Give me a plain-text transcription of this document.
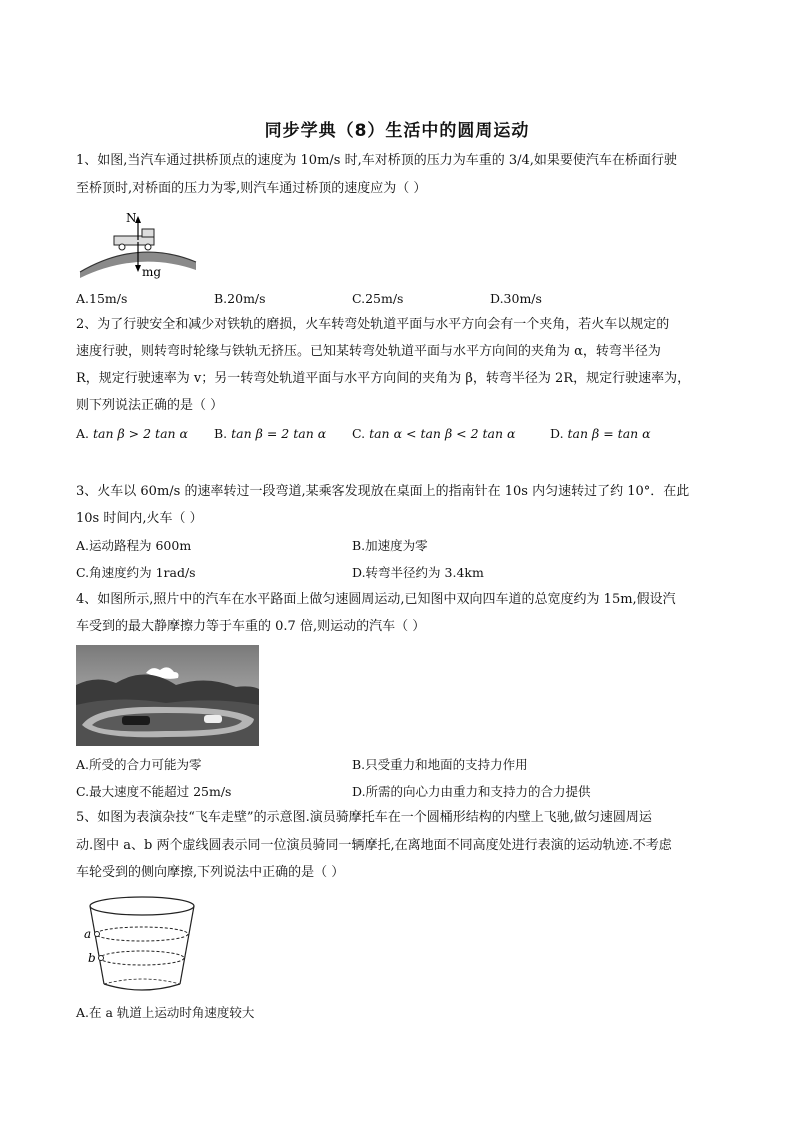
同步学典（8）生活中的圆周运动
1、如图,当汽车通过拱桥顶点的速度为 10m/s 时,车对桥顶的压力为车重的 3/4,如果要使汽车在桥面行驶
至桥顶时,对桥面的压力为零,则汽车通过桥顶的速度应为（ ）
N
mg
A.15m/s	B.20m/s	C.25m/s	D.30m/s
2、为了行驶安全和减少对铁轨的磨损，火车转弯处轨道平面与水平方向会有一个夹角，若火车以规定的
速度行驶，则转弯时轮缘与铁轨无挤压。已知某转弯处轨道平面与水平方向间的夹角为 α，转弯半径为
R，规定行驶速率为 v；另一转弯处轨道平面与水平方向间的夹角为 β，转弯半径为 2R，规定行驶速率为，
则下列说法正确的是（ ）
A. tan β > 2 tan α B. tan β = 2 tan α C. tan α < tan β < 2 tan α	D. tan β = tan α
3、火车以 60m/s 的速率转过一段弯道,某乘客发现放在桌面上的指南针在 10s 内匀速转过了约 10°．在此
10s 时间内,火车（ ）
A.运动路程为 600m	B.加速度为零
C.角速度约为 1rad/s	D.转弯半径约为 3.4km
4、如图所示,照片中的汽车在水平路面上做匀速圆周运动,已知图中双向四车道的总宽度约为 15m,假设汽
车受到的最大静摩擦力等于车重的 0.7 倍,则运动的汽车（ ）
A.所受的合力可能为零	B.只受重力和地面的支持力作用
C.最大速度不能超过 25m/s	D.所需的向心力由重力和支持力的合力提供
5、如图为表演杂技“飞车走壁”的示意图.演员骑摩托车在一个圆桶形结构的内壁上飞驰,做匀速圆周运
动.图中 a、b 两个虚线圆表示同一位演员骑同一辆摩托,在离地面不同高度处进行表演的运动轨迹.不考虑
车轮受到的侧向摩擦,下列说法中正确的是（ ）
a
b
A.在 a 轨道上运动时角速度较大
